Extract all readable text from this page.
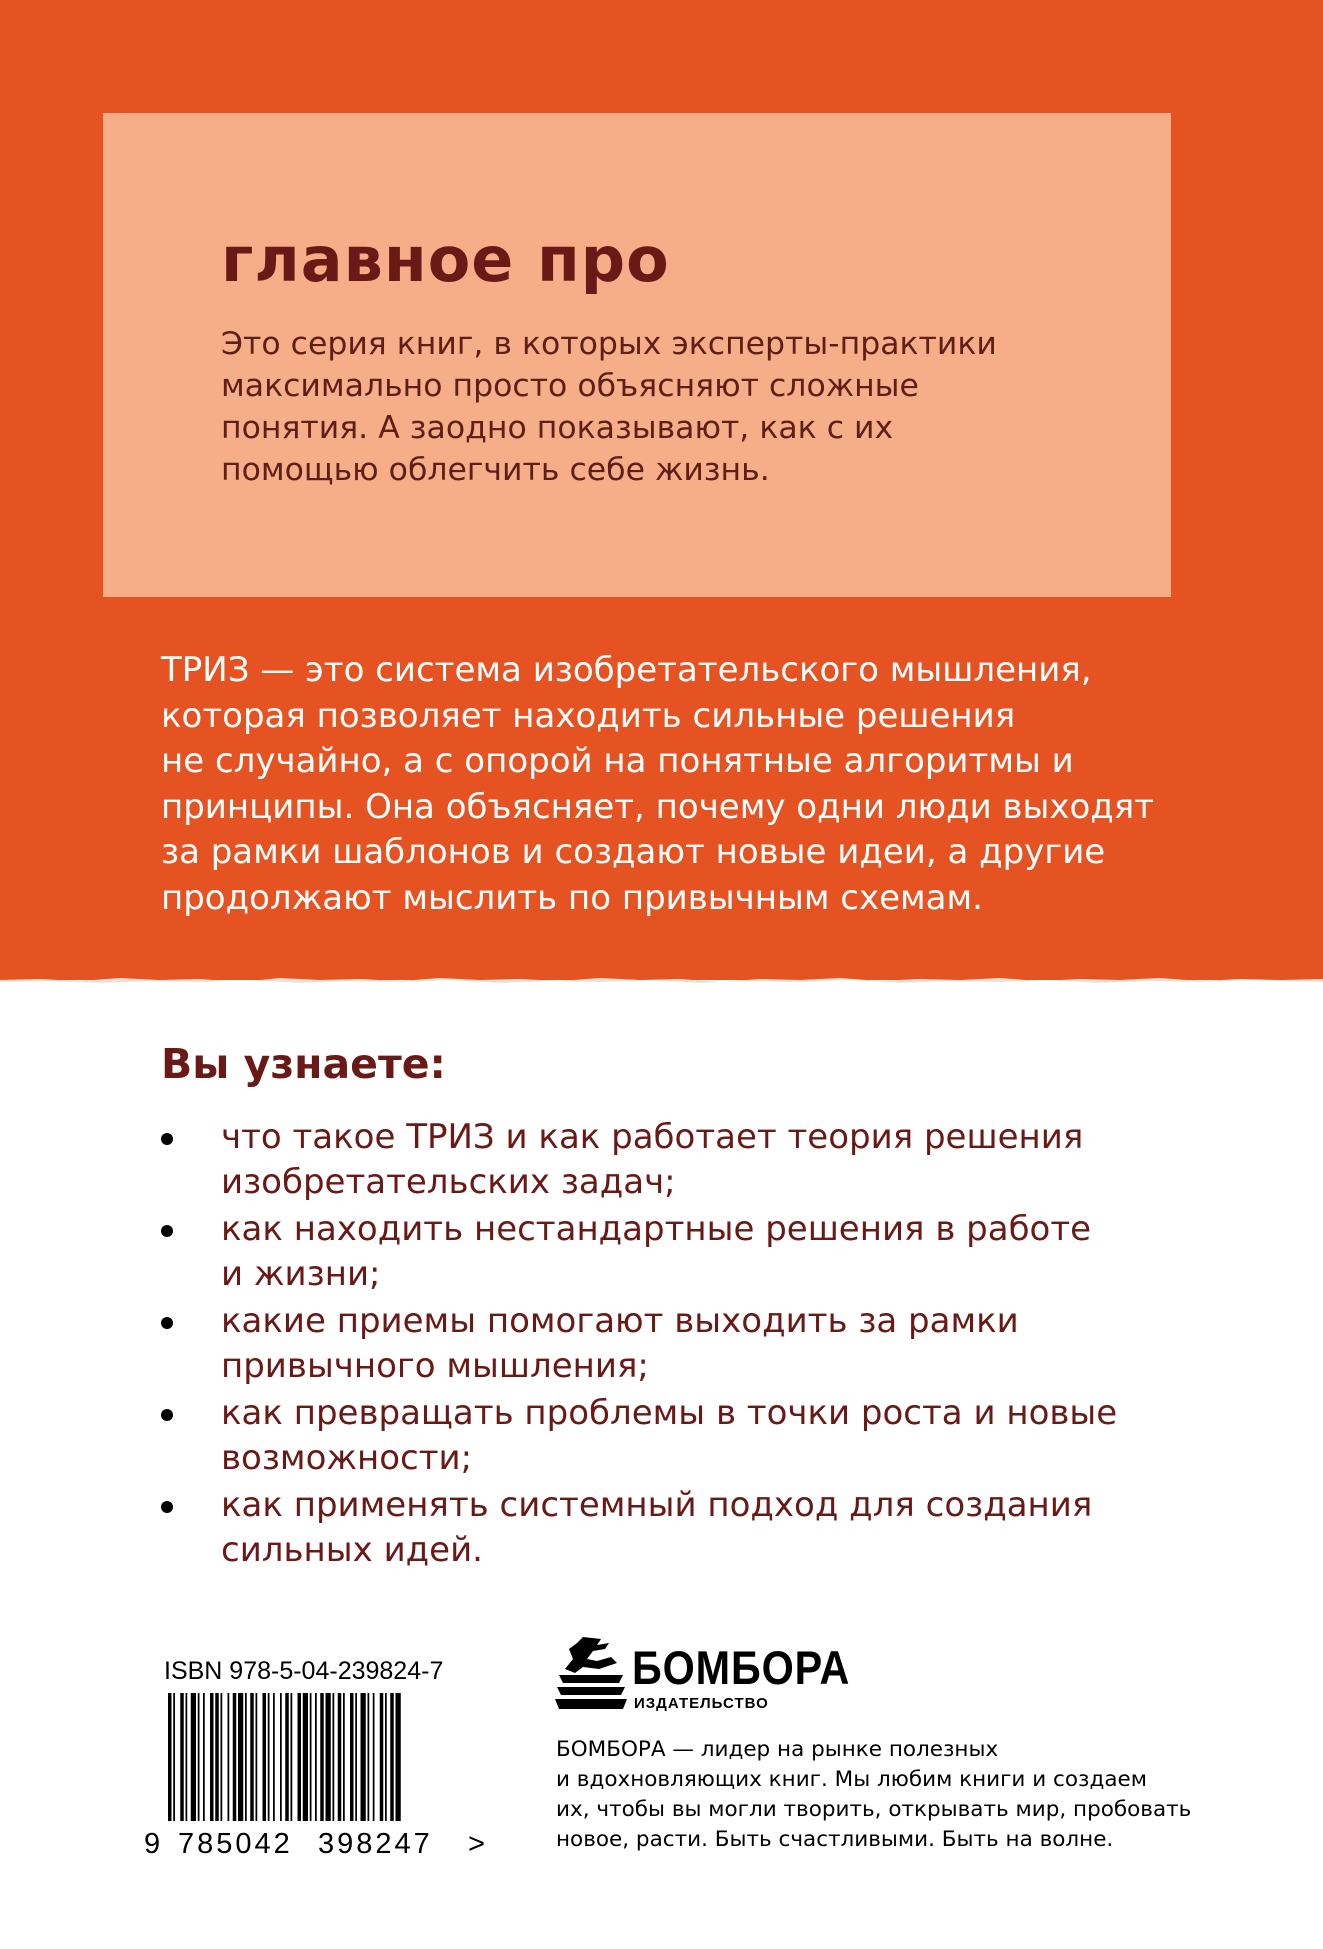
главное про

Это серия книг, в которых эксперты-практики
максимально просто объясняют сложные
понятия. А заодно показывают, как с их
помощью облегчить себе жизнь.

ТРИЗ — это система изобретательского мышления,
которая позволяет находить сильные решения
не случайно, а с опорой на понятные алгоритмы и
принципы. Она объясняет, почему одни люди выходят
за рамки шаблонов и создают новые идеи, а другие
продолжают мыслить по привычным схемам.

Вы узнаете:
что такое ТРИЗ и как работает теория решения
изобретательских задач;
как находить нестандартные решения в работе
и жизни;
какие приемы помогают выходить за рамки
привычного мышления;
как превращать проблемы в точки роста и новые
возможности;
как применять системный подход для создания
сильных идей.

ISBN 978-5-04-239824-7

9 785042 398247 >

БОМБОРА

ИЗДАТЕЛЬСТВО

БОМБОРА — лидер на рынке полезных
и вдохновляющих книг. Мы любим книги и создаем
их, чтобы вы могли творить, открывать мир, пробовать
новое, расти. Быть счастливыми. Быть на волне.
